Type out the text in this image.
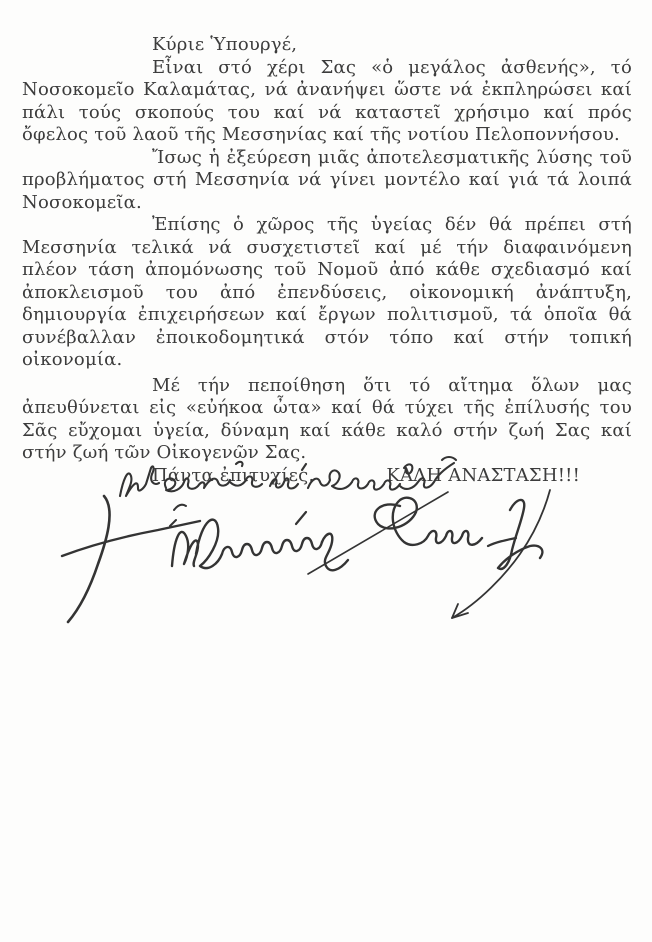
Κύριε Ὑπουργέ,

Εἶναι στό χέρι Σας «ὁ μεγάλος ἀσθενής», τό Νοσοκομεῖο Καλαμάτας, νά ἀνανήψει ὥστε νά ἐκπληρώσει καί πάλι τούς σκοπούς του καί νά καταστεῖ χρήσιμο καί πρός ὄφελος τοῦ λαοῦ τῆς Μεσσηνίας καί τῆς νοτίου Πελοποννήσου.

Ἴσως ἡ ἐξεύρεση μιᾶς ἀποτελεσματικῆς λύσης τοῦ προβλήματος στή Μεσσηνία νά γίνει μοντέλο καί γιά τά λοιπά Νοσοκομεῖα.

Ἐπίσης ὁ χῶρος τῆς ὑγείας δέν θά πρέπει στή Μεσσηνία τελικά νά συσχετιστεῖ καί μέ τήν διαφαινόμενη πλέον τάση ἀπομόνωσης τοῦ Νομοῦ ἀπό κάθε σχεδιασμό καί ἀποκλεισμοῦ του ἀπό ἐπενδύσεις, οἰκονομική ἀνάπτυξη, δημιουργία ἐπιχειρήσεων καί ἔργων πολιτισμοῦ, τά ὁποῖα θά συνέβαλλαν ἐποικοδομητικά στόν τόπο καί στήν τοπική οἰκονομία.

Μέ τήν πεποίθηση ὅτι τό αἴτημα ὅλων μας ἀπευθύνεται εἰς «εὐήκοα ὦτα» καί θά τύχει τῆς ἐπίλυσής του Σᾶς εὔχομαι ὑγεία, δύναμη καί κάθε καλό στήν ζωή Σας καί στήν ζωή τῶν Οἰκογενῶν Σας.

Πάντα ἐπιτυχίες.	ΚΑΛΗ ΑΝΑΣΤΑΣΗ!!!
